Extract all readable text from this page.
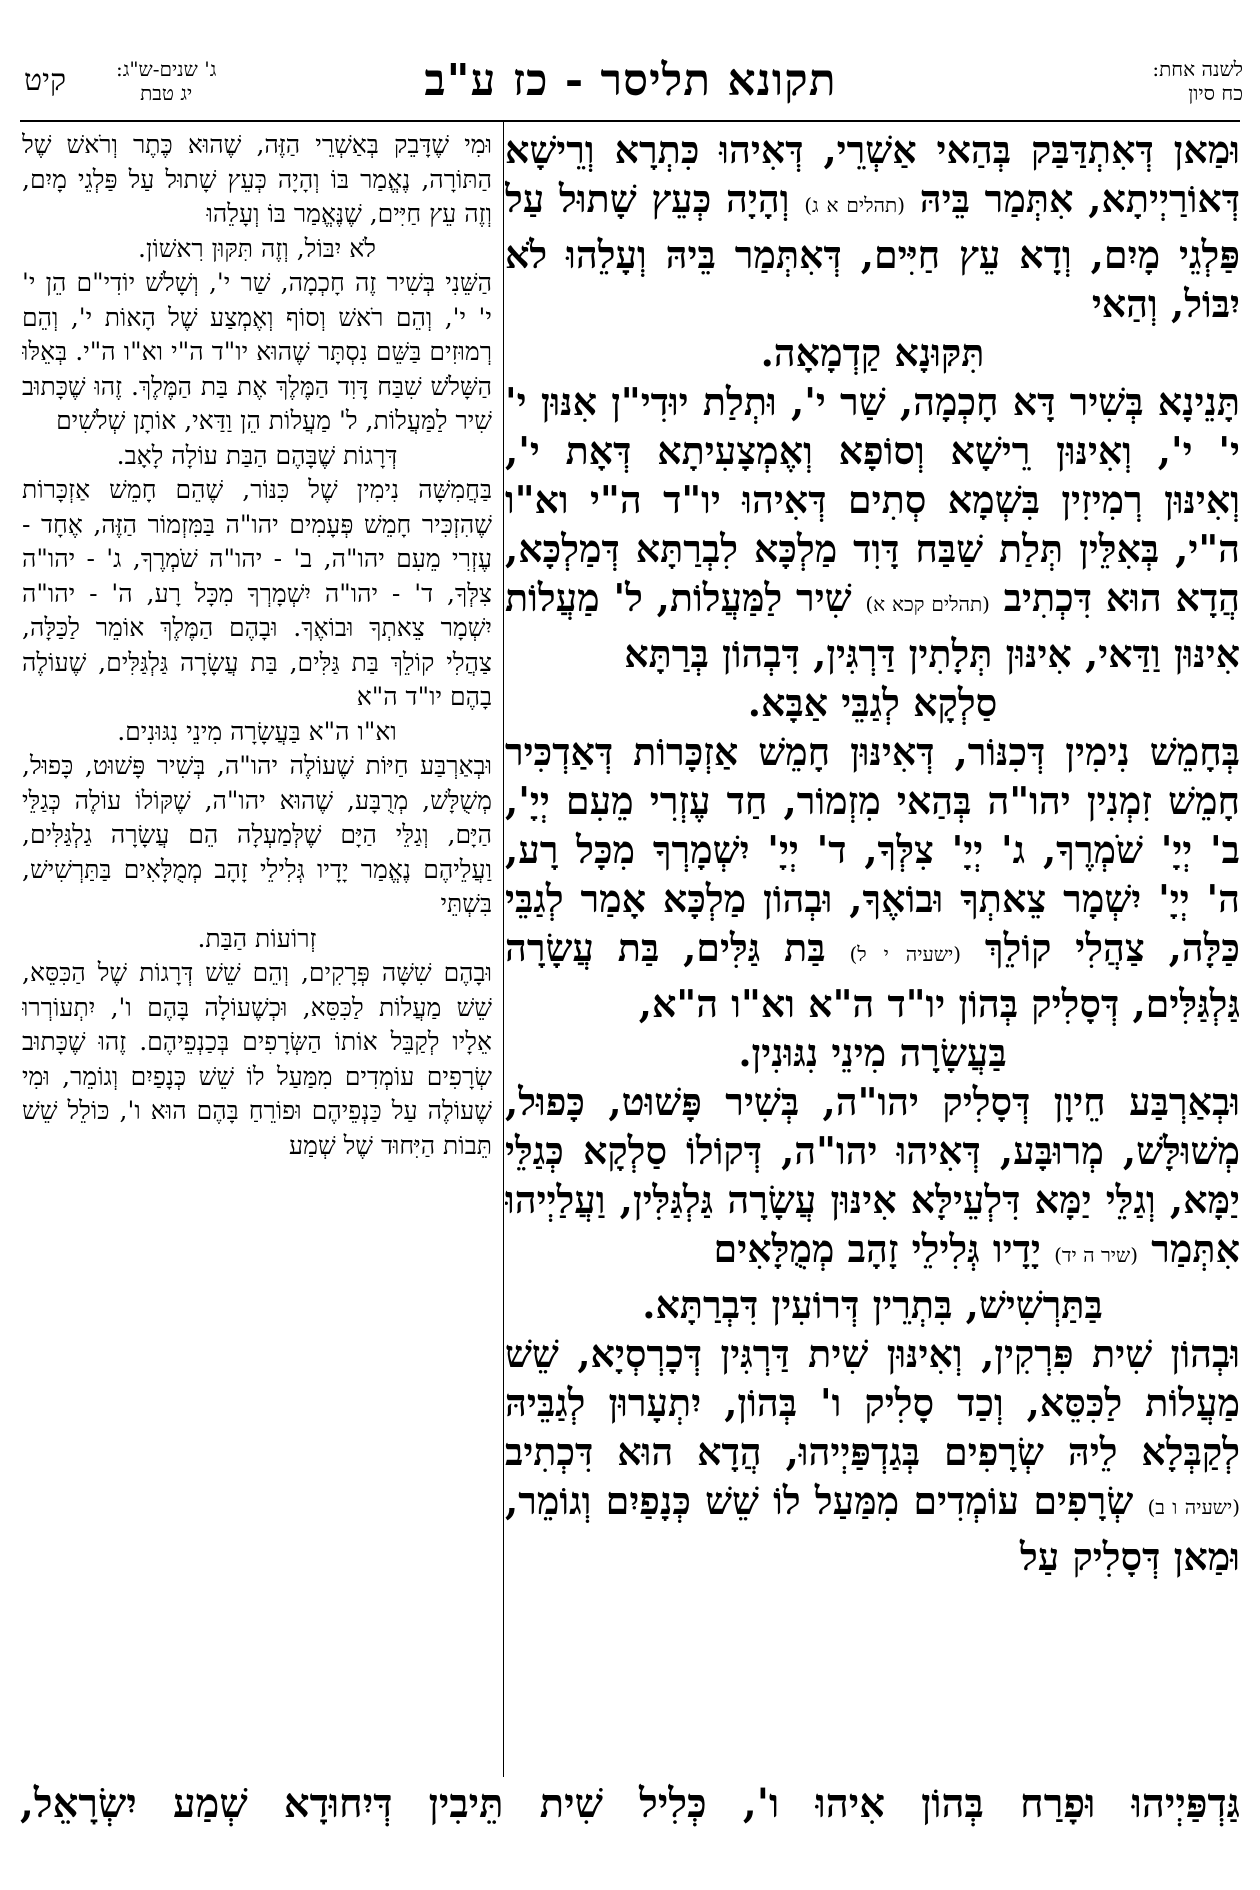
לשנה אחת:
כח סיון
תקונא תליסר - כז ע"ב
ג' שנים-ש"ג:
יג טבת
קיט

וּמַאן דְּאִתְדַּבַּק בְּהַאי אַשְׁרֵי, דְּאִיהוּ כִּתְרָא וְרֵישָׁא דְּאוֹרַיְיתָא, אִתְּמַר בֵּיהּ (תהלים א ג) וְהָיָה כְּעֵץ שָׁתוּל עַל פַּלְגֵי מָיִם, וְדָא עֵץ חַיִּים, דְּאִתְּמַר בֵּיהּ וְעָלֵהוּ לֹא יִבּוֹל, וְהַאי

תִּקּוּנָא קַדְמָאָה.

תָּנֵינָא בְּשִׁיר דָּא חָכְמָה, שַׁר י', וּתְלַת יוּדִי"ן אִנּוּן י' י' י', וְאִינּוּן רֵישָׁא וְסוֹפָא וְאֶמְצָעִיתָא דְּאָת י', וְאִינּוּן רְמִיזִין בִּשְׁמָא סְתִים דְּאִיהוּ יו"ד ה"י וא"ו ה"י, בְּאִלֵּין תְּלַת שַׁבַּח דָּוִד מַלְכָּא לִבְרַתָּא דְּמַלְכָּא, הֲדָא הוּא דִּכְתִיב (תהלים קכא א) שִׁיר לַמַּעֲלוֹת, ל' מַעֲלוֹת אִינּוּן וַדַּאי, אִינּוּן תְּלָתִין דַּרְגִּין, דִּבְהוֹן בְּרַתָּא

סַלְקָא לְגַבֵּי אַבָּא.

בְּחָמֵשׁ נִימִין דְּכִנּוֹר, דְּאִינּוּן חָמֵשׁ אַזְכָּרוֹת דְּאַדְכִּיר חָמֵשׁ זִמְנִין יהו"ה בְּהַאי מִזְמוֹר, חַד עֶזְרִי מֵעִם יְיָ', ב' יְיָ' שֹׁמְרֶךָ, ג' יְיָ' צִלְּךָ, ד' יְיָ' יִשְׁמָרְךָ מִכָּל רָע, ה' יְיָ' יִשְׁמָר צֵאתְךָ וּבוֹאֶךָ, וּבְהוֹן מַלְכָּא אָמַר לְגַבֵּי כַּלָּה, צַהֲלִי קוֹלֵךְ (ישעיה י ל) בַּת גַּלִּים, בַּת עֲשָׂרָה גַּלְגַּלִּים, דְּסָלִיק בְּהוֹן יו"ד ה"א וא"ו ה"א,

בַּעֲשָׂרָה מִינֵי נִגּוּנִין.

וּבְאַרְבַּע חֵיוָן דְּסָלִיק יהו"ה, בְּשִׁיר פָּשׁוּט, כָּפוּל, מְשׁוּלָּשׁ, מְרוּבָּע, דְּאִיהוּ יהו"ה, דְּקוֹלוֹ סַלְקָא כְּגַלֵּי יַמָּא, וְגַלֵּי יַמָּא דִּלְעֵילָּא אִינּוּן עֲשָׂרָה גַּלְגַּלִּין, וַעֲלַיְיהוּ אִתְּמַר (שיר ה יד) יָדָיו גְּלִילֵי זָהָב מְמֻלָּאִים

בַּתַּרְשִׁישׁ, בִּתְרֵין דְּרוֹעִין דִּבְרַתָּא.

וּבְהוֹן שִׁית פִּרְקִין, וְאִינּוּן שִׁית דַּרְגִּין דְּכָרְסְיָא, שֵׁשׁ מַעֲלוֹת לַכִּסֵּא, וְכַד סָלִיק ו' בְּהוֹן, יִתְעָרוּן לְגַבֵּיהּ לְקַבְּלָא לֵיהּ שְׂרָפִים בְּגַדְפַּיְיהוּ, הֲדָא הוּא דִּכְתִיב (ישעיה ו ב) שְׂרָפִים עוֹמְדִים מִמַּעַל לוֹ שֵׁשׁ כְּנָפַיִם וְגוֹמֵר, וּמַאן דְּסָלִיק עַל

וּמִי שֶׁדָּבֵק בְּאַשְׁרֵי הַזֶּה, שֶׁהוּא כֶּתֶר וְרֹאשׁ שֶׁל הַתּוֹרָה, נֶאֱמַר בּוֹ וְהָיָה כְּעֵץ שָׁתוּל עַל פַּלְגֵי מָיִם, וְזֶה עֵץ חַיִּים, שֶׁנֶּאֱמַר בּוֹ וְעָלֵהוּ

לֹא יִבּוֹל, וְזֶה תִּקּוּן רִאשׁוֹן.

הַשֵּׁנִי בְּשִׁיר זֶה חָכְמָה, שַׁר י', וְשָׁלֹשׁ יוֹדִי"ם הֵן י' י' י', וְהֵם רֹאשׁ וְסוֹף וְאֶמְצַע שֶׁל הָאוֹת י', וְהֵם רְמוּזִים בַּשֵּׁם נִסְתָּר שֶׁהוּא יו"ד ה"י וא"ו ה"י. בְּאֵלּוּ הַשָּׁלֹשׁ שִׁבַּח דָּוִד הַמֶּלֶךְ אֶת בַּת הַמֶּלֶךְ. זֶהוּ שֶׁכָּתוּב שִׁיר לַמַּעֲלוֹת, ל' מַעֲלוֹת הֵן וַדַּאי, אוֹתָן שְׁלֹשִׁים

דְּרָגוֹת שֶׁבָּהֶם הַבַּת עוֹלָה לָאָב.

בַּחֲמִשָּׁה נִימִין שֶׁל כִּנּוֹר, שֶׁהֵם חָמֵשׁ אַזְכָּרוֹת שֶׁהִזְכִּיר חָמֵשׁ פְּעָמִים יהו"ה בַּמִּזְמוֹר הַזֶּה, אֶחָד - עֶזְרִי מֵעִם יהו"ה, ב' - יהו"ה שֹׁמְרֶךָ, ג' - יהו"ה צִלְּךָ, ד' - יהו"ה יִשְׁמָרְךָ מִכָּל רָע, ה' - יהו"ה יִשְׁמָר צֵאתְךָ וּבוֹאֶךָ. וּבָהֶם הַמֶּלֶךְ אוֹמֵר לַכַּלָּה, צַהֲלִי קוֹלֵךְ בַּת גַּלִּים, בַּת עֲשָׂרָה גַּלְגַּלִּים, שֶׁעוֹלֶה בָהֶם יו"ד ה"א

וא"ו ה"א בַּעֲשָׂרָה מִינֵי נִגּוּנִים.

וּבְאַרְבַּע חַיּוֹת שֶׁעוֹלֶה יהו"ה, בְּשִׁיר פָּשׁוּט, כָּפוּל, מְשֻׁלָּשׁ, מְרֻבָּע, שֶׁהוּא יהו"ה, שֶׁקּוֹלוֹ עוֹלֶה כְּגַלֵּי הַיָּם, וְגַלֵּי הַיָּם שֶׁלְּמַעְלָה הֵם עֲשָׂרָה גַלְגַּלִּים, וַעֲלֵיהֶם נֶאֱמַר יָדָיו גְּלִילֵי זָהָב מְמֻלָּאִים בַּתַּרְשִׁישׁ, בִּשְׁתֵּי

זְרוֹעוֹת הַבַּת.

וּבָהֶם שִׁשָּׁה פְּרָקִים, וְהֵם שֵׁשׁ דְּרָגוֹת שֶׁל הַכִּסֵּא, שֵׁשׁ מַעֲלוֹת לַכִּסֵּא, וּכְשֶׁעוֹלָה בָּהֶם ו', יִתְעוֹרְרוּ אֵלָיו לְקַבֵּל אוֹתוֹ הַשְּׂרָפִים בְּכַנְפֵיהֶם. זֶהוּ שֶׁכָּתוּב שְׂרָפִים עוֹמְדִים מִמַּעַל לוֹ שֵׁשׁ כְּנָפַיִם וְגוֹמֵר, וּמִי שֶׁעוֹלֶה עַל כַּנְפֵיהֶם וּפוֹרֵחַ בָּהֶם הוּא ו', כּוֹלֵל שֵׁשׁ תֵּבוֹת הַיִּחוּד שֶׁל שְׁמַע

גַּדְפַּיְיהוּ וּפָרַח בְּהוֹן אִיהוּ ו', כְּלִיל שִׁית תֵּיבִין דְּיִחוּדָא שְׁמַע יִשְׂרָאֵל,
